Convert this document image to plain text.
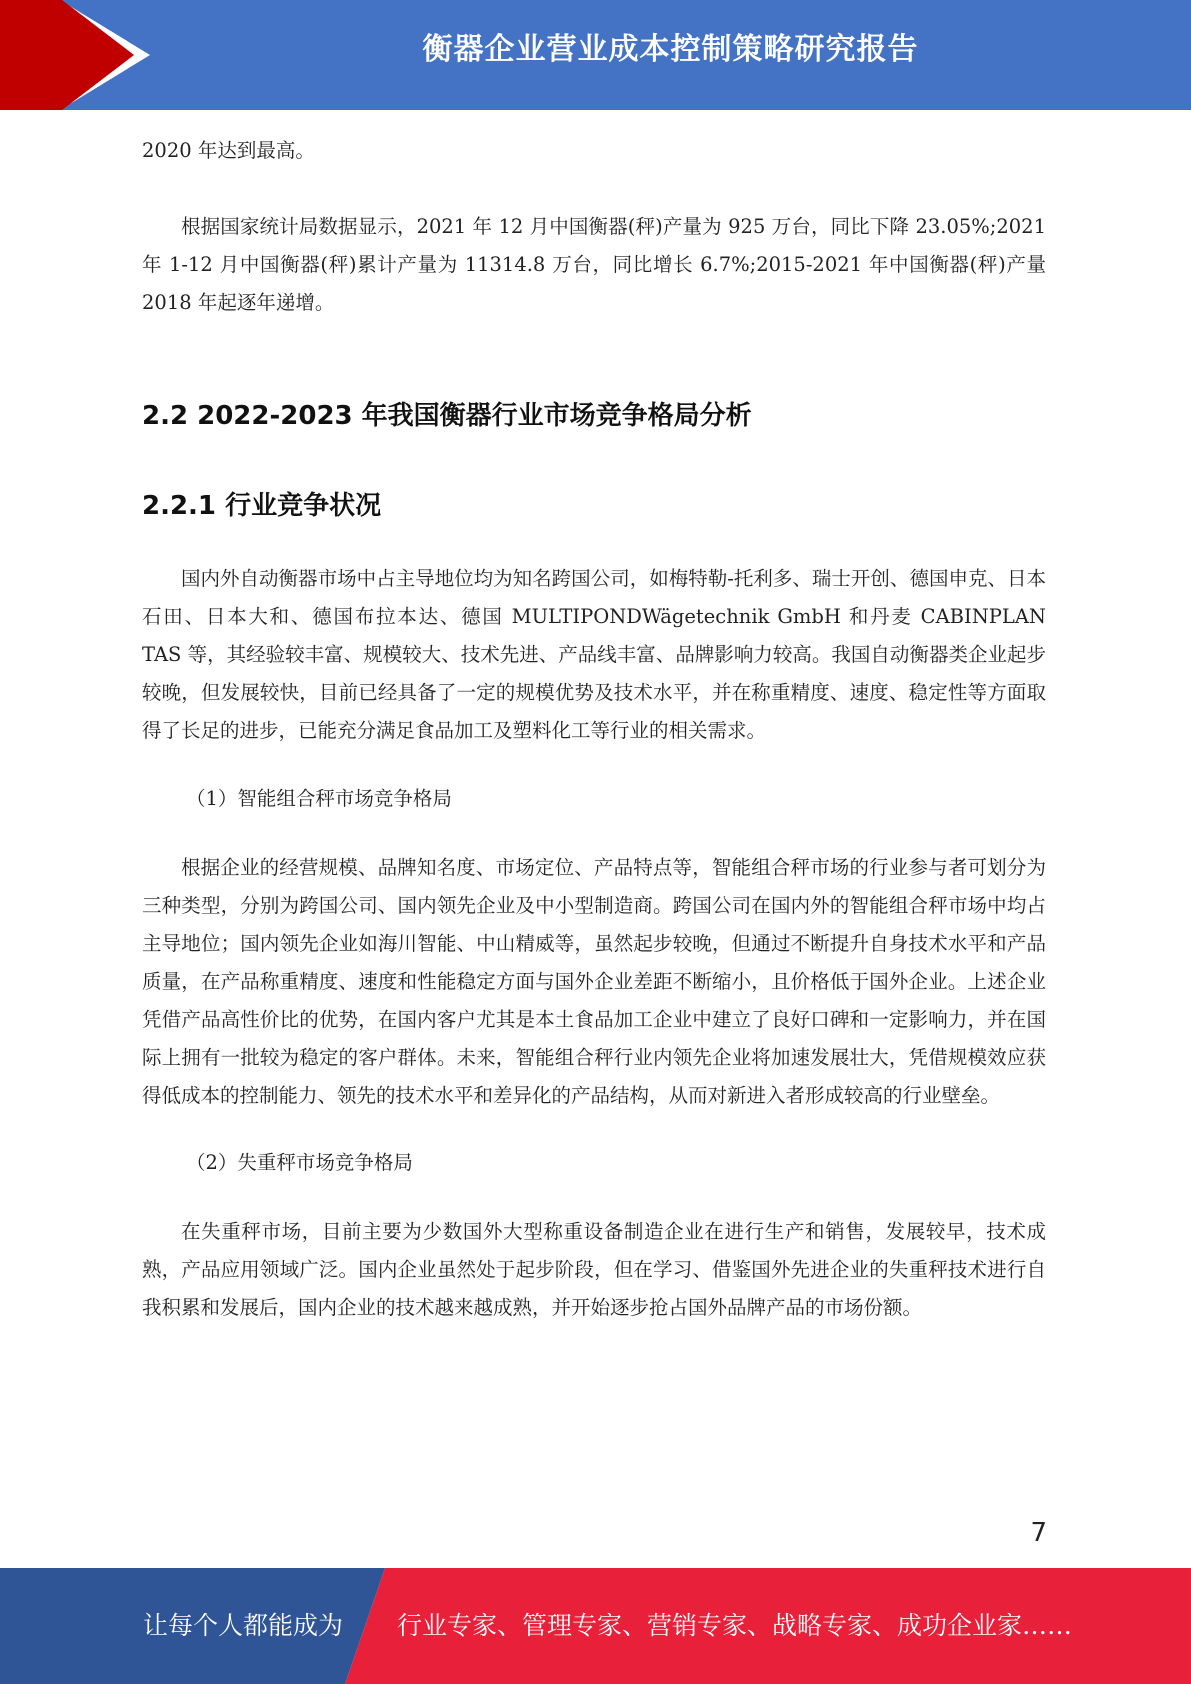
衡器企业营业成本控制策略研究报告

2020 年达到最高。

根据国家统计局数据显示，2021 年 12 月中国衡器(秤)产量为 925 万台，同比下降 23.05%;2021 年 1-12 月中国衡器(秤)累计产量为 11314.8 万台，同比增长 6.7%;2015-2021 年中国衡器(秤)产量 2018 年起逐年递增。

2.2 2022-2023 年我国衡器行业市场竞争格局分析
2.2.1 行业竞争状况

国内外自动衡器市场中占主导地位均为知名跨国公司，如梅特勒-托利多、瑞士开创、德国申克、日本石田、日本大和、德国布拉本达、德国 MULTIPONDWägetechnik GmbH 和丹麦 CABINPLAN TAS 等，其经验较丰富、规模较大、技术先进、产品线丰富、品牌影响力较高。我国自动衡器类企业起步较晚，但发展较快，目前已经具备了一定的规模优势及技术水平，并在称重精度、速度、稳定性等方面取得了长足的进步，已能充分满足食品加工及塑料化工等行业的相关需求。

（1）智能组合秤市场竞争格局

根据企业的经营规模、品牌知名度、市场定位、产品特点等，智能组合秤市场的行业参与者可划分为三种类型，分别为跨国公司、国内领先企业及中小型制造商。跨国公司在国内外的智能组合秤市场中均占主导地位；国内领先企业如海川智能、中山精威等，虽然起步较晚，但通过不断提升自身技术水平和产品质量，在产品称重精度、速度和性能稳定方面与国外企业差距不断缩小，且价格低于国外企业。上述企业凭借产品高性价比的优势，在国内客户尤其是本土食品加工企业中建立了良好口碑和一定影响力，并在国际上拥有一批较为稳定的客户群体。未来，智能组合秤行业内领先企业将加速发展壮大，凭借规模效应获得低成本的控制能力、领先的技术水平和差异化的产品结构，从而对新进入者形成较高的行业壁垒。

（2）失重秤市场竞争格局

在失重秤市场，目前主要为少数国外大型称重设备制造企业在进行生产和销售，发展较早，技术成熟，产品应用领域广泛。国内企业虽然处于起步阶段，但在学习、借鉴国外先进企业的失重秤技术进行自我积累和发展后，国内企业的技术越来越成熟，并开始逐步抢占国外品牌产品的市场份额。

7
让每个人都能成为 行业专家、管理专家、营销专家、战略专家、成功企业家……
